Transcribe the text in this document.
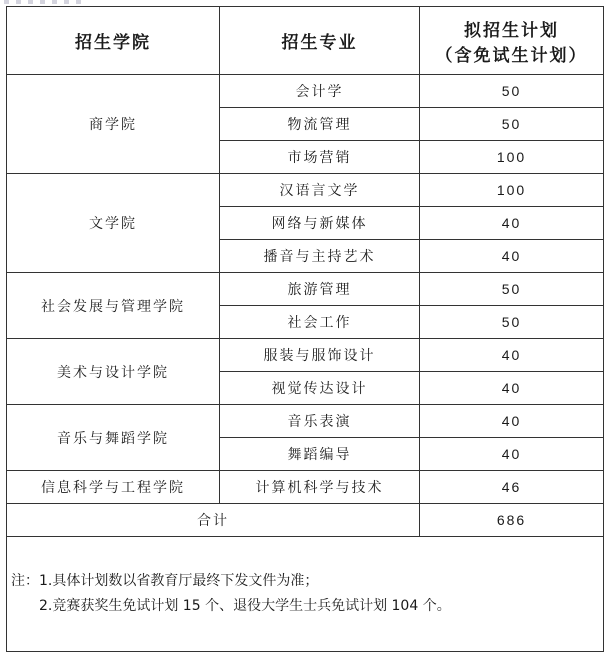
招生学院	招生专业	拟招生计划
（含免试生计划）

商学院	会计学	50
	物流管理	50
	市场营销	100
文学院	汉语言文学	100
	网络与新媒体	40
	播音与主持艺术	40
社会发展与管理学院	旅游管理	50
	社会工作	50
美术与设计学院	服装与服饰设计	40
	视觉传达设计	40
音乐与舞蹈学院	音乐表演	40
	舞蹈编导	40
信息科学与工程学院	计算机科学与技术	46
合计		686

注：1.具体计划数以省教育厅最终下发文件为准；
2.竞赛获奖生免试计划 15 个、退役大学生士兵免试计划 104 个。		
